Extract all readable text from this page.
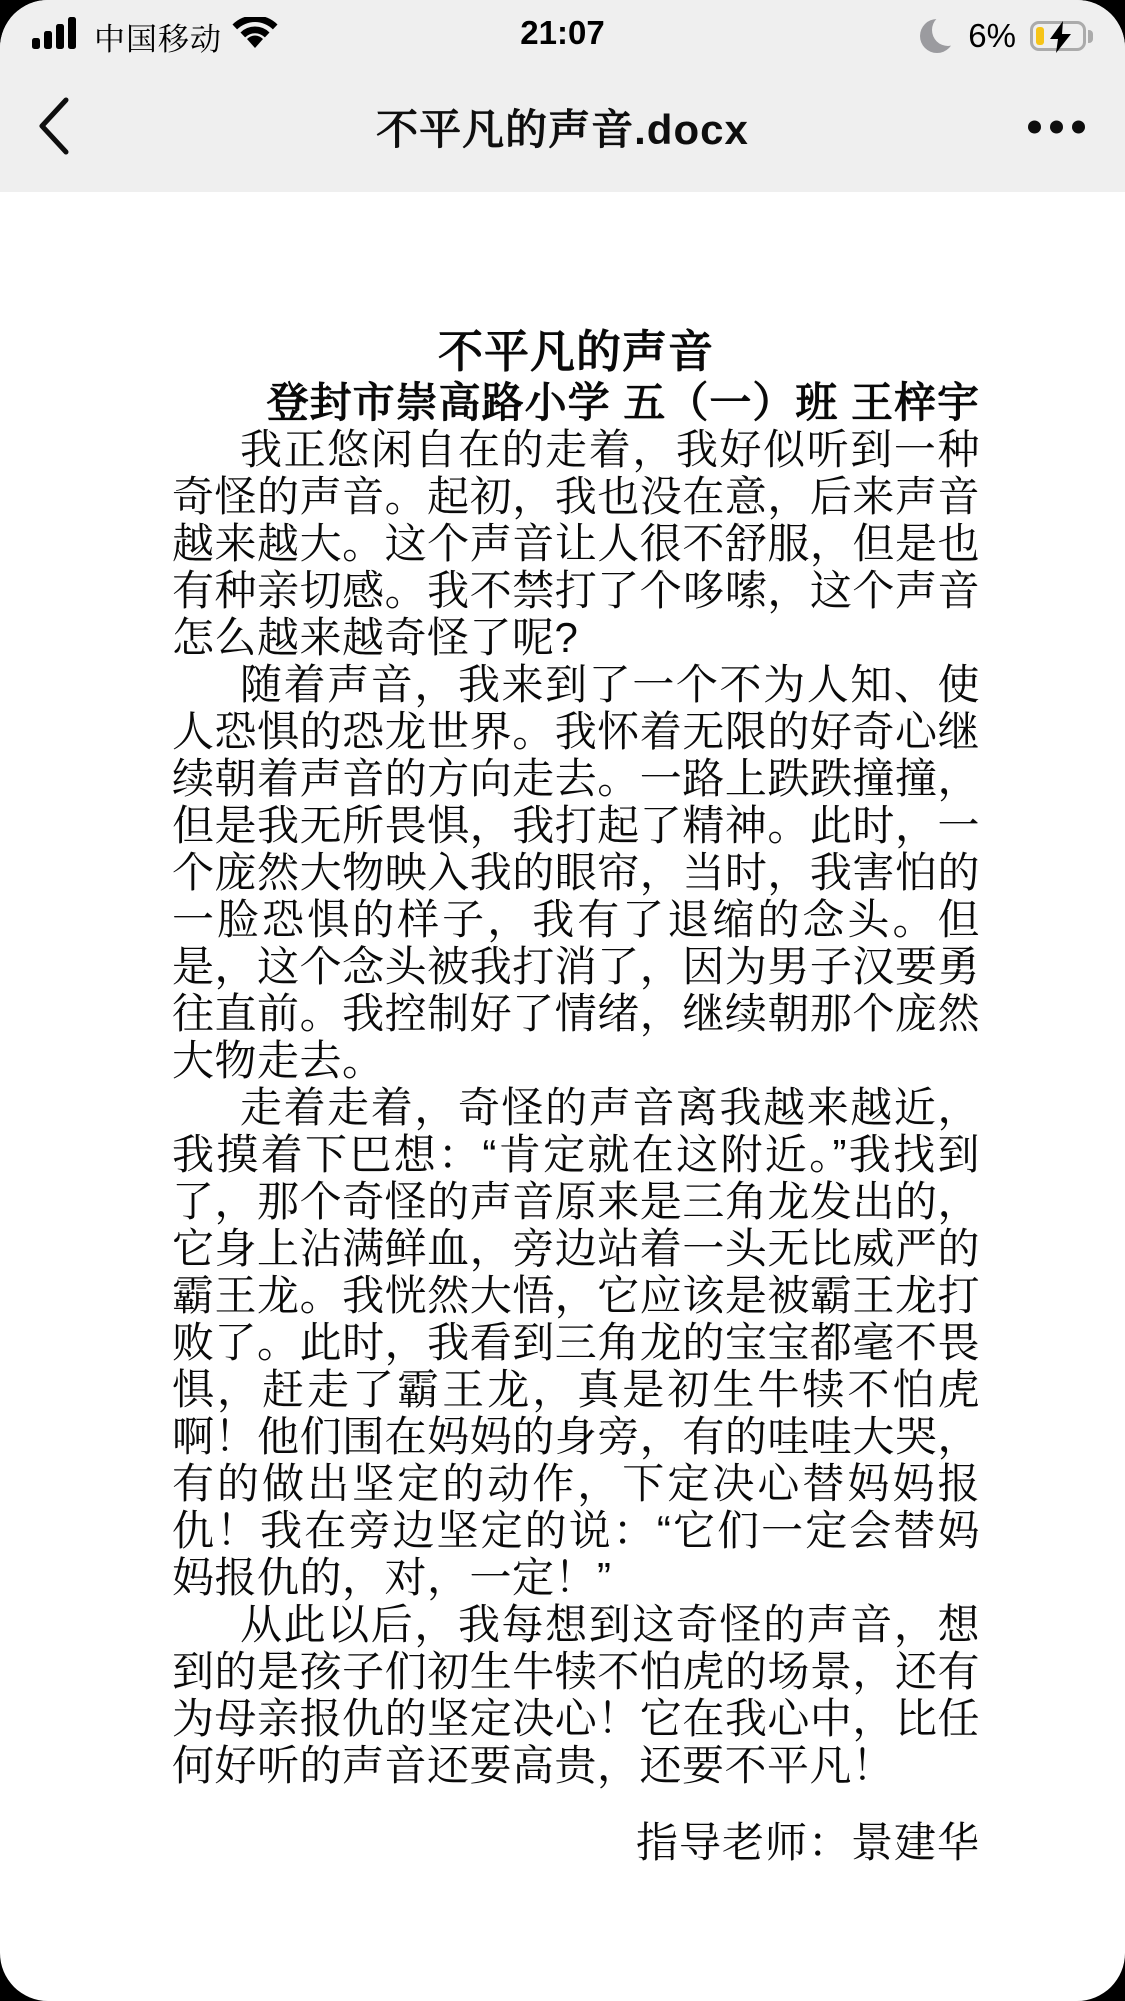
中国移动	21:07	6%
不平凡的声音.docx
不平凡的声音
登封市崇高路小学 五（一）班 王梓宇

我正悠闲自在的走着，我好似听到一种奇怪的声音。起初，我也没在意，后来声音越来越大。这个声音让人很不舒服，但是也有种亲切感。我不禁打了个哆嗦，这个声音怎么越来越奇怪了呢?

随着声音，我来到了一个不为人知、使人恐惧的恐龙世界。我怀着无限的好奇心继续朝着声音的方向走去。一路上跌跌撞撞，但是我无所畏惧，我打起了精神。此时，一个庞然大物映入我的眼帘，当时，我害怕的一脸恐惧的样子，我有了退缩的念头。但是，这个念头被我打消了，因为男子汉要勇往直前。我控制好了情绪，继续朝那个庞然大物走去。

走着走着，奇怪的声音离我越来越近，我摸着下巴想：“肯定就在这附近。”我找到了，那个奇怪的声音原来是三角龙发出的，它身上沾满鲜血，旁边站着一头无比威严的霸王龙。我恍然大悟，它应该是被霸王龙打败了。此时，我看到三角龙的宝宝都毫不畏惧，赶走了霸王龙，真是初生牛犊不怕虎啊！他们围在妈妈的身旁，有的哇哇大哭，有的做出坚定的动作，下定决心替妈妈报仇！我在旁边坚定的说：“它们一定会替妈妈报仇的，对，一定！”

从此以后，我每想到这奇怪的声音，想到的是孩子们初生牛犊不怕虎的场景，还有为母亲报仇的坚定决心！它在我心中，比任何好听的声音还要高贵，还要不平凡！

指导老师：景建华
